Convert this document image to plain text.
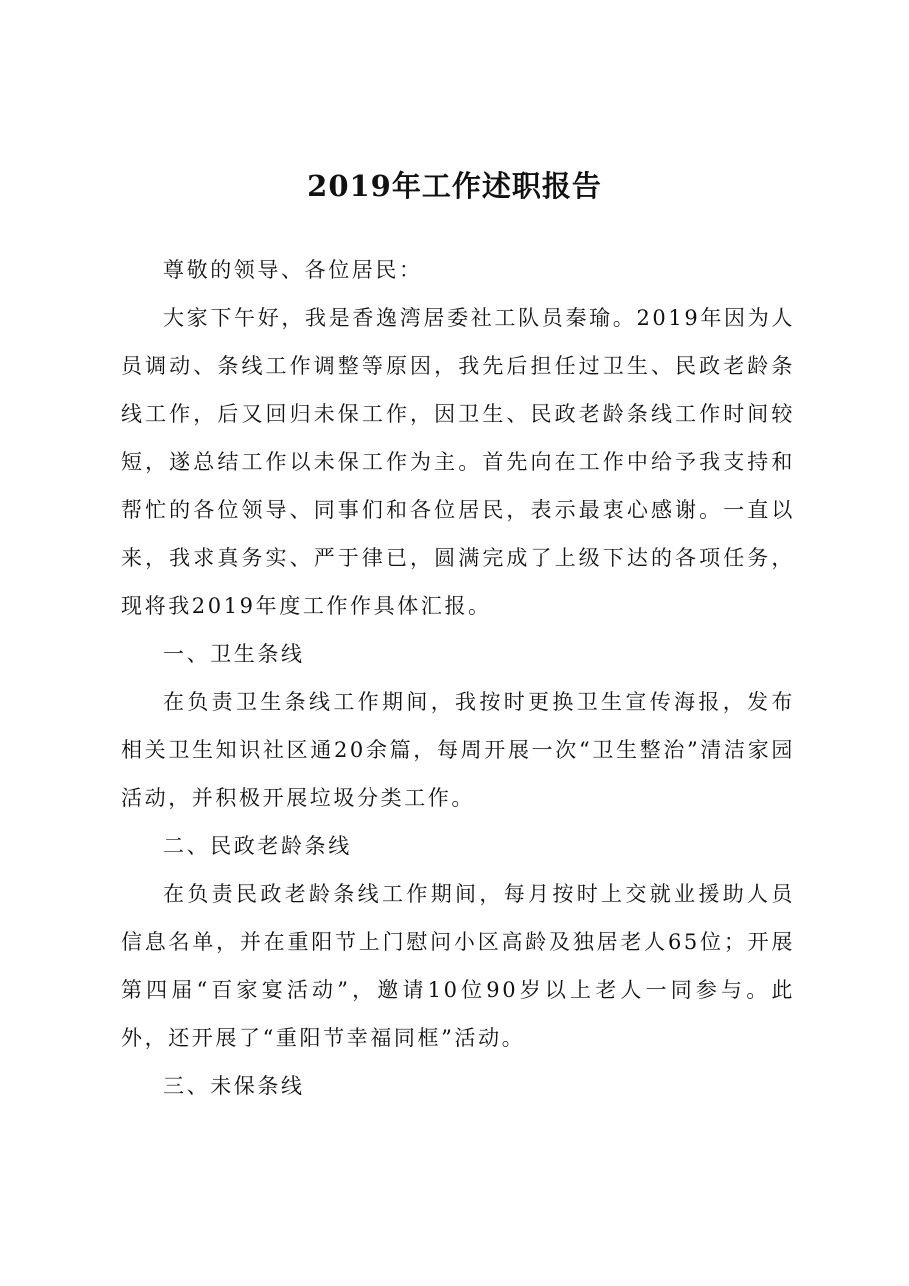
2019年工作述职报告

尊敬的领导、各位居民：

大家下午好，我是香逸湾居委社工队员秦瑜。2019年因为人员调动、条线工作调整等原因，我先后担任过卫生、民政老龄条线工作，后又回归未保工作，因卫生、民政老龄条线工作时间较短，遂总结工作以未保工作为主。首先向在工作中给予我支持和帮忙的各位领导、同事们和各位居民，表示最衷心感谢。一直以来，我求真务实、严于律已，圆满完成了上级下达的各项任务，现将我2019年度工作作具体汇报。

一、卫生条线

在负责卫生条线工作期间，我按时更换卫生宣传海报，发布相关卫生知识社区通20余篇，每周开展一次“卫生整治”清洁家园活动，并积极开展垃圾分类工作。

二、民政老龄条线

在负责民政老龄条线工作期间，每月按时上交就业援助人员信息名单，并在重阳节上门慰问小区高龄及独居老人65位；开展第四届“百家宴活动”，邀请10位90岁以上老人一同参与。此外，还开展了“重阳节幸福同框”活动。

三、未保条线
